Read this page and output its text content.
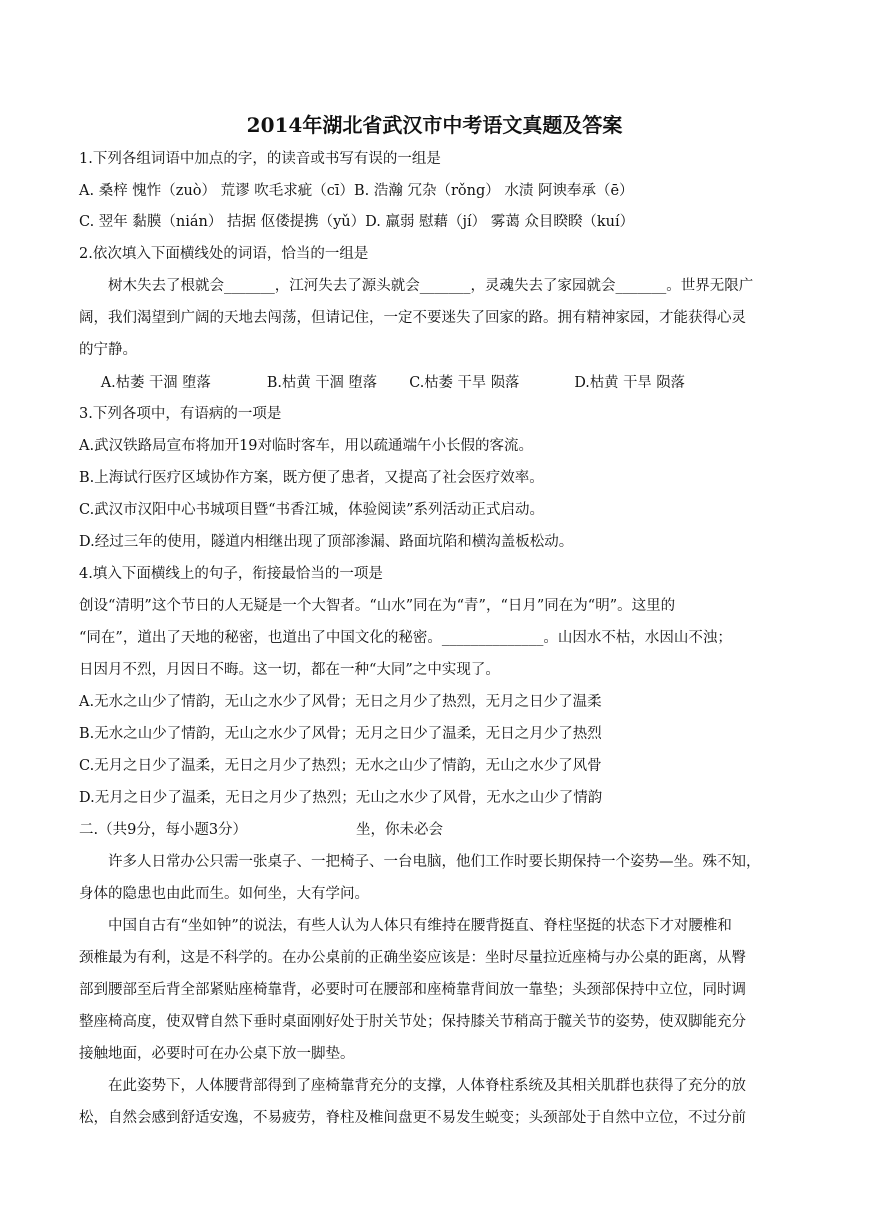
2014年湖北省武汉市中考语文真题及答案
1.下列各组词语中加点的字，的读音或书写有误的一组是
A. 桑梓 愧怍（zuò） 荒谬 吹毛求疵（cī）B. 浩瀚 冗杂（rǒng） 水渍 阿谀奉承（ē）
C. 翌年 黏膜（nián） 拮据 伛偻提携（yǔ）D. 羸弱 慰藉（jí） 雾蔼 众目睽睽（kuí）
2.依次填入下面横线处的词语，恰当的一组是
树木失去了根就会_______，江河失去了源头就会_______，灵魂失去了家园就会_______。世界无限广
阔，我们渴望到广阔的天地去闯荡，但请记住，一定不要迷失了回家的路。拥有精神家园，才能获得心灵
的宁静。
A.枯萎 干涸 堕落	B.枯黄 干涸 堕落 C.枯萎 干旱 陨落	D.枯黄 干旱 陨落
3.下列各项中，有语病的一项是
A.武汉铁路局宣布将加开19对临时客车，用以疏通端午小长假的客流。
B.上海试行医疗区域协作方案，既方便了患者，又提高了社会医疗效率。
C.武汉市汉阳中心书城项目暨“书香江城，体验阅读”系列活动正式启动。
D.经过三年的使用，隧道内相继出现了顶部渗漏、路面坑陷和横沟盖板松动。
4.填入下面横线上的句子，衔接最恰当的一项是
创设“清明”这个节日的人无疑是一个大智者。“山水”同在为“青”，“日月”同在为“明”。这里的
“同在”，道出了天地的秘密，也道出了中国文化的秘密。______________。山因水不枯，水因山不浊；
日因月不烈，月因日不晦。这一切，都在一种“大同”之中实现了。
A.无水之山少了情韵，无山之水少了风骨；无日之月少了热烈，无月之日少了温柔
B.无水之山少了情韵，无山之水少了风骨；无月之日少了温柔，无日之月少了热烈
C.无月之日少了温柔，无日之月少了热烈；无水之山少了情韵，无山之水少了风骨
D.无月之日少了温柔，无日之月少了热烈；无山之水少了风骨，无水之山少了情韵
二.（共9分，每小题3分）	坐，你未必会
许多人日常办公只需一张桌子、一把椅子、一台电脑，他们工作时要长期保持一个姿势—坐。殊不知，
身体的隐患也由此而生。如何坐，大有学问。
中国自古有“坐如钟”的说法，有些人认为人体只有维持在腰背挺直、脊柱坚挺的状态下才对腰椎和
颈椎最为有利，这是不科学的。在办公桌前的正确坐姿应该是：坐时尽量拉近座椅与办公桌的距离，从臀
部到腰部至后背全部紧贴座椅靠背，必要时可在腰部和座椅靠背间放一靠垫；头颈部保持中立位，同时调
整座椅高度，使双臂自然下垂时桌面刚好处于肘关节处；保持膝关节稍高于髋关节的姿势，使双脚能充分
接触地面，必要时可在办公桌下放一脚垫。
在此姿势下，人体腰背部得到了座椅靠背充分的支撑，人体脊柱系统及其相关肌群也获得了充分的放
松，自然会感到舒适安逸，不易疲劳，脊柱及椎间盘更不易发生蜕变；头颈部处于自然中立位，不过分前
